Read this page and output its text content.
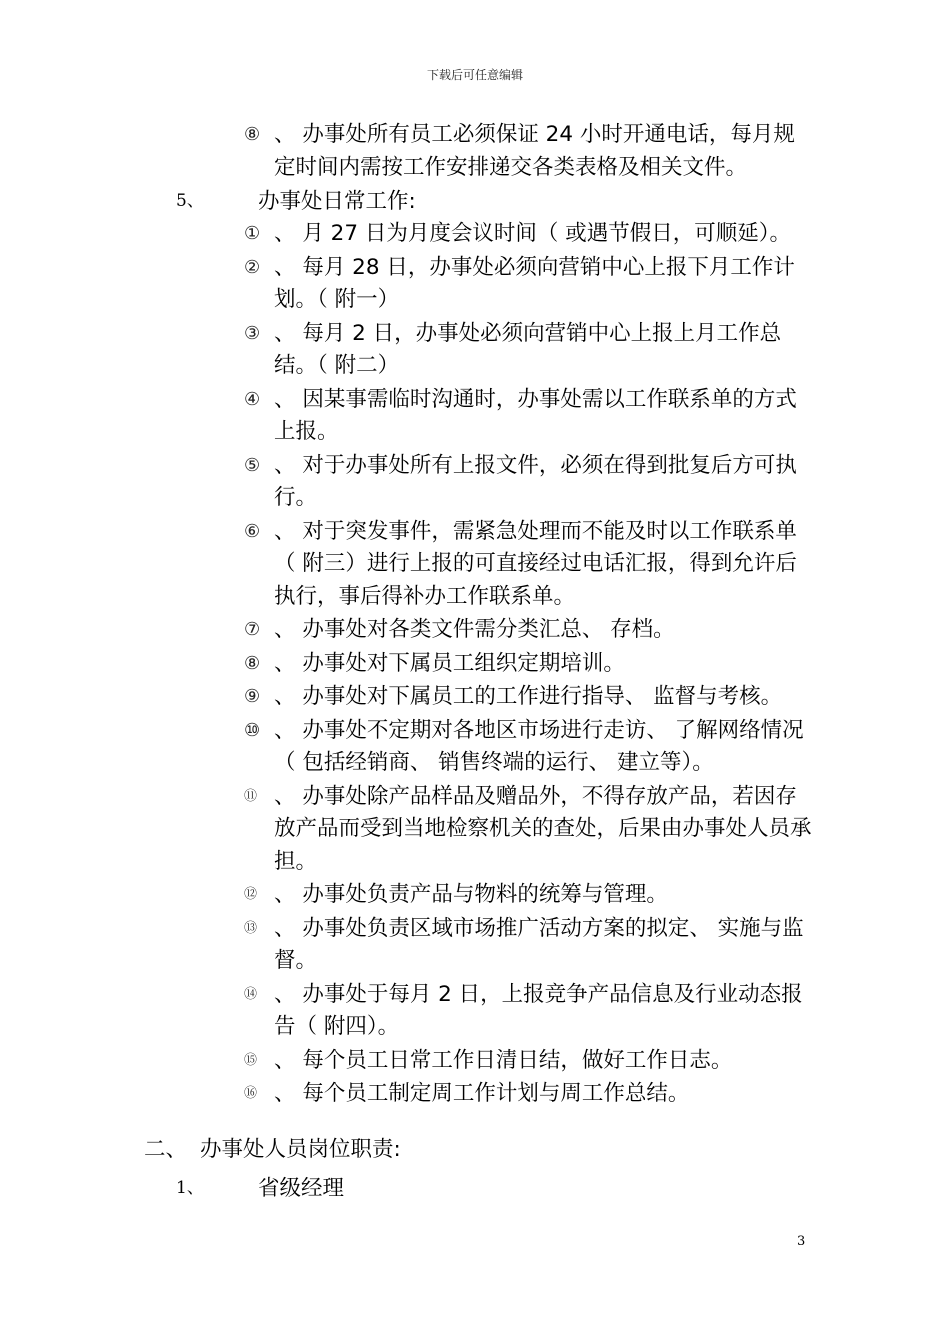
下载后可任意编辑
⑧ 、 办事处所有员工必须保证 24 小时开通电话，每月规定时间内需按工作安排递交各类表格及相关文件。
5、	办事处日常工作:
① 、 月 27 日为月度会议时间（ 或遇节假日，可顺延）。
② 、 每月 28 日，办事处必须向营销中心上报下月工作计划。（ 附一）
③ 、 每月 2 日，办事处必须向营销中心上报上月工作总结。（ 附二）
④ 、 因某事需临时沟通时，办事处需以工作联系单的方式上报。
⑤ 、 对于办事处所有上报文件，必须在得到批复后方可执行。
⑥ 、 对于突发事件，需紧急处理而不能及时以工作联系单（ 附三）进行上报的可直接经过电话汇报，得到允许后执行，事后得补办工作联系单。
⑦ 、 办事处对各类文件需分类汇总、 存档。
⑧ 、 办事处对下属员工组织定期培训。
⑨ 、 办事处对下属员工的工作进行指导、 监督与考核。
⑩ 、 办事处不定期对各地区市场进行走访、 了解网络情况（ 包括经销商、 销售终端的运行、 建立等）。
⑪ 、 办事处除产品样品及赠品外，不得存放产品，若因存放产品而受到当地检察机关的查处，后果由办事处人员承担。
⑫ 、 办事处负责产品与物料的统筹与管理。
⑬ 、 办事处负责区域市场推广活动方案的拟定、 实施与监督。
⑭ 、 办事处于每月 2 日，上报竞争产品信息及行业动态报告（ 附四）。
⑮ 、 每个员工日常工作日清日结，做好工作日志。
⑯ 、 每个员工制定周工作计划与周工作总结。
二、 办事处人员岗位职责:
1、	省级经理
3
